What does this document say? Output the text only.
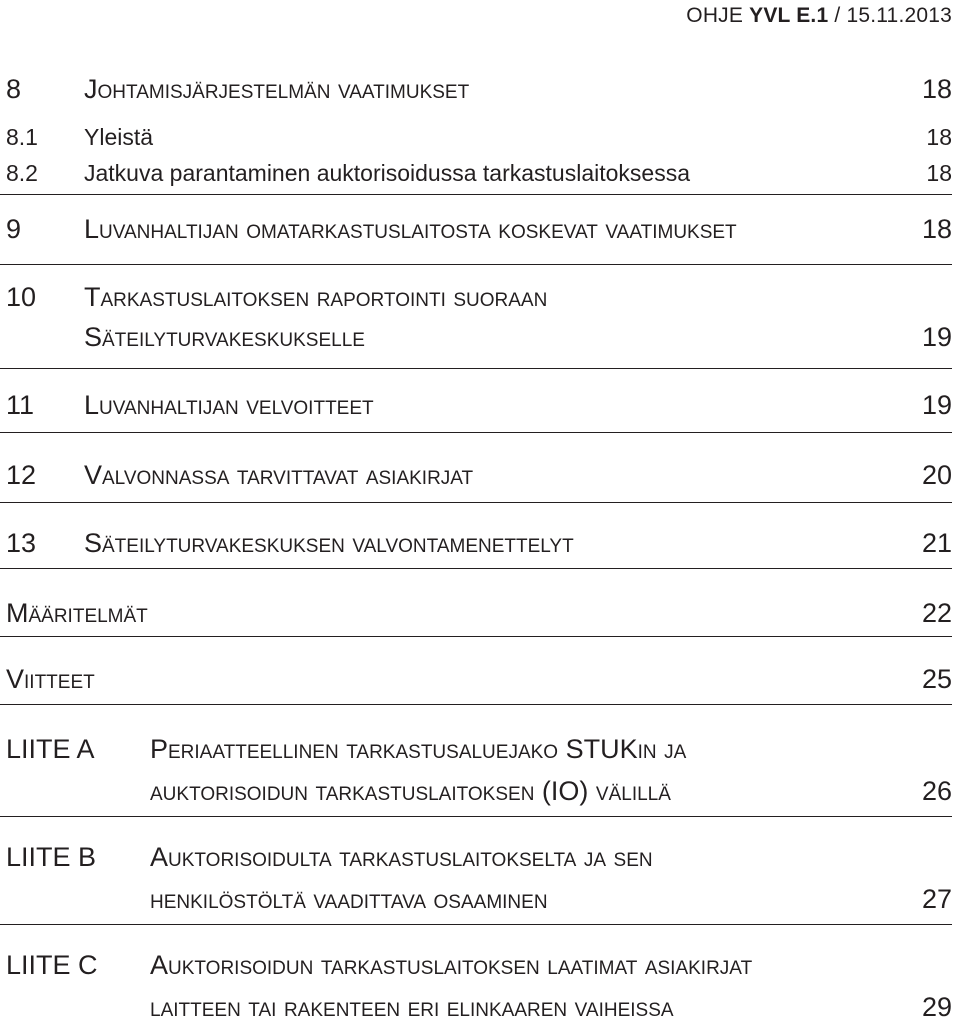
OHJE YVL E.1 / 15.11.2013
8 Johtamisjärjestelmän vaatimukset	18
8.1 Yleistä	18
8.2 Jatkuva parantaminen auktorisoidussa tarkastuslaitoksessa	18
9 Luvanhaltijan omatarkastuslaitosta koskevat vaatimukset	18
10 Tarkastuslaitoksen raportointi suoraan
Säteilyturvakeskukselle	19
11 Luvanhaltijan velvoitteet	19
12 Valvonnassa tarvittavat asiakirjat	20
13 Säteilyturvakeskuksen valvontamenettelyt	21
Määritelmät	22
Viitteet	25
LIITE A Periaatteellinen tarkastusaluejako STUKin ja
auktorisoidun tarkastuslaitoksen (IO) välillä	26
LIITE B Auktorisoidulta tarkastuslaitokselta ja sen
henkilöstöltä vaadittava osaaminen	27
LIITE C Auktorisoidun tarkastuslaitoksen laatimat asiakirjat
laitteen tai rakenteen eri elinkaaren vaiheissa	29
